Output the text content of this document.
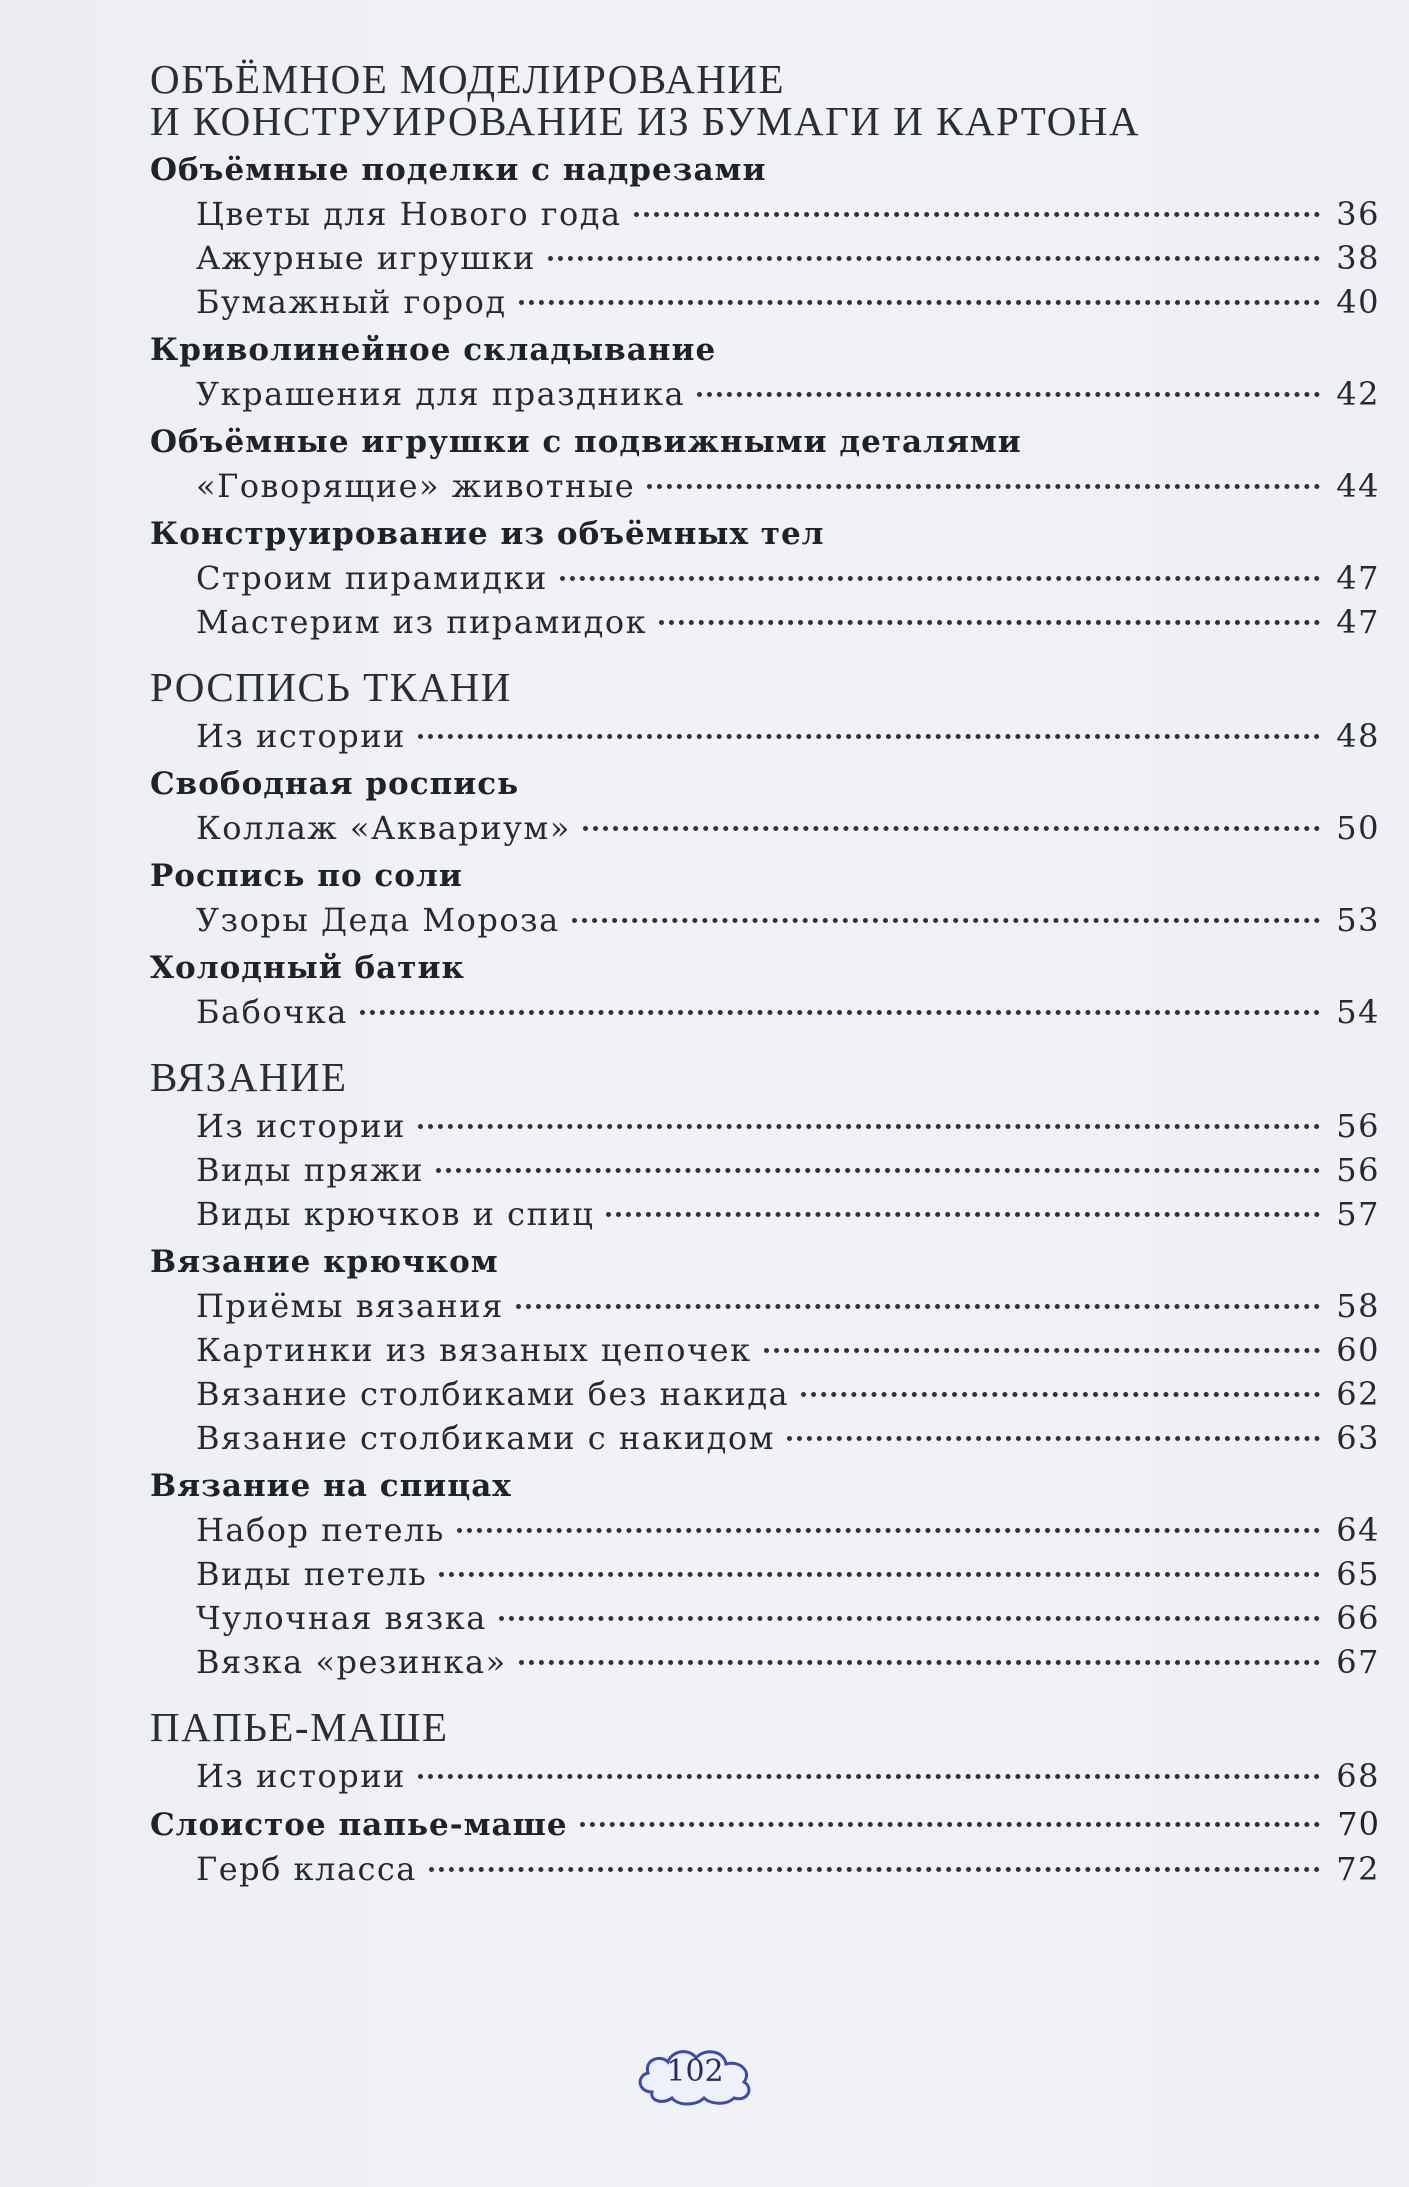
ОБЪЁМНОЕ МОДЕЛИРОВАНИЕ
И КОНСТРУИРОВАНИЕ ИЗ БУМАГИ И КАРТОНА
Объёмные поделки с надрезами
Цветы для Нового года	36
Ажурные игрушки	38
Бумажный город	40
Криволинейное складывание
Украшения для праздника	42
Объёмные игрушки с подвижными деталями
«Говорящие» животные	44
Конструирование из объёмных тел
Строим пирамидки	47
Мастерим из пирамидок	47
РОСПИСЬ ТКАНИ
Из истории	48
Свободная роспись
Коллаж «Аквариум»	50
Роспись по соли
Узоры Деда Мороза	53
Холодный батик
Бабочка	54
ВЯЗАНИЕ
Из истории	56
Виды пряжи	56
Виды крючков и спиц	57
Вязание крючком
Приёмы вязания	58
Картинки из вязаных цепочек	60
Вязание столбиками без накида	62
Вязание столбиками с накидом	63
Вязание на спицах
Набор петель	64
Виды петель	65
Чулочная вязка	66
Вязка «резинка»	67
ПАПЬЕ-МАШЕ
Из истории	68
Слоистое папье-маше	70
Герб класса	72
102
